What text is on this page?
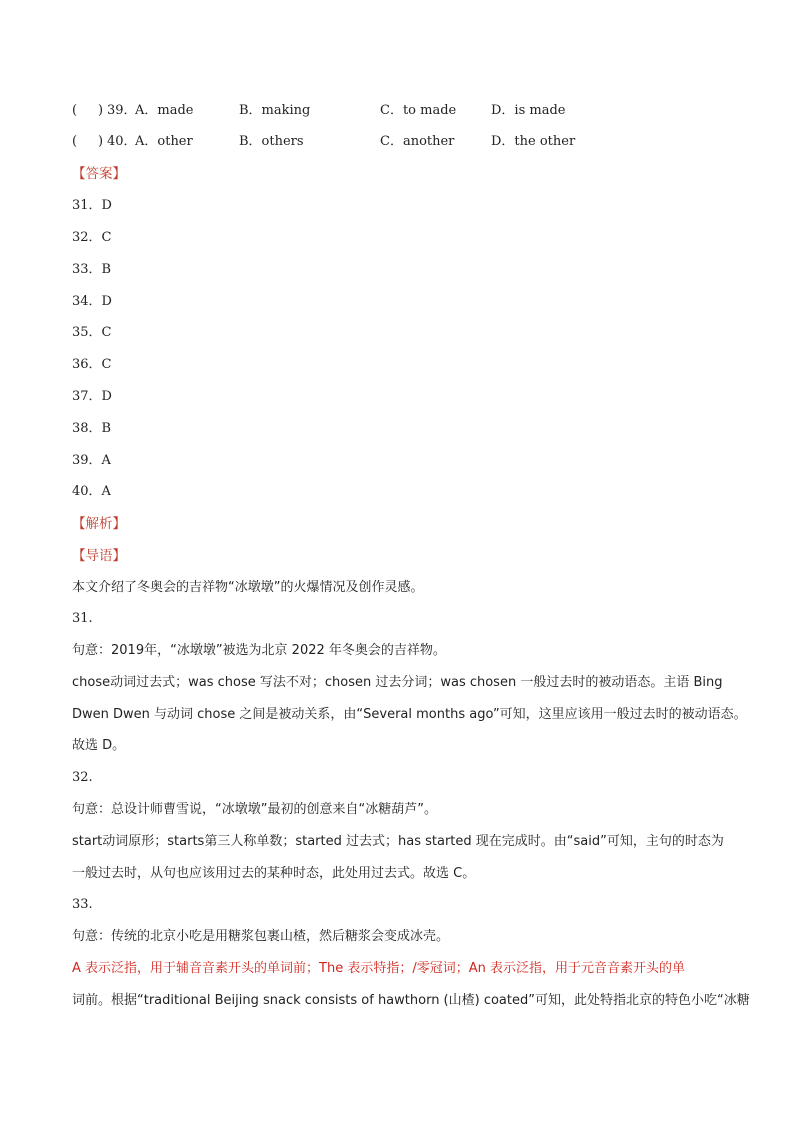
( ) 39．
A．made	B．making	C．to made	D．is made
( ) 40．
A．other	B．others	C．another	D．the other
【答案】
31．D
32．C
33．B
34．D
35．C
36．C
37．D
38．B
39．A
40．A
【解析】
【导语】
本文介绍了冬奥会的吉祥物“冰墩墩”的火爆情况及创作灵感。
31.
句意：2019年，“冰墩墩”被选为北京 2022 年冬奥会的吉祥物。
chose动词过去式；was chose 写法不对；chosen 过去分词；was chosen 一般过去时的被动语态。主语 Bing
Dwen Dwen 与动词 chose 之间是被动关系，由“Several months ago”可知，这里应该用一般过去时的被动语态。
故选 D。
32.
句意：总设计师曹雪说，“冰墩墩”最初的创意来自“冰糖葫芦”。
start动词原形；starts第三人称单数；started 过去式；has started 现在完成时。由“said”可知，主句的时态为
一般过去时，从句也应该用过去的某种时态，此处用过去式。故选 C。
33.
句意：传统的北京小吃是用糖浆包裹山楂，然后糖浆会变成冰壳。
A 表示泛指，用于辅音音素开头的单词前；The 表示特指；/零冠词；An 表示泛指，用于元音音素开头的单
词前。根据“traditional Beijing snack consists of hawthorn (山楂) coated”可知，此处特指北京的特色小吃“冰糖
